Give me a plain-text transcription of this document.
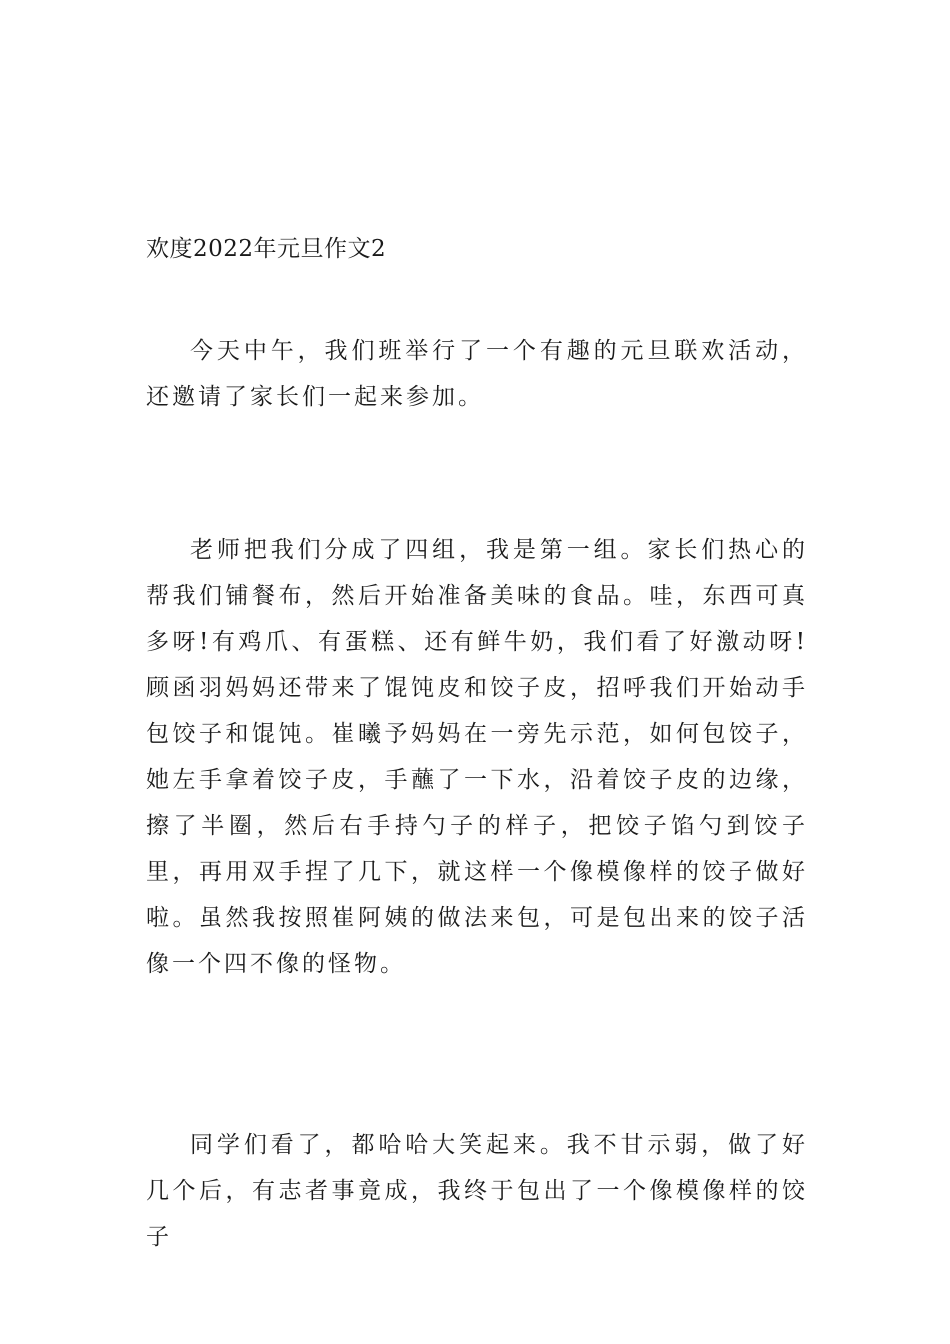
欢度2022年元旦作文2
今天中午，我们班举行了一个有趣的元旦联欢活动，还邀请了家长们一起来参加。
老师把我们分成了四组，我是第一组。家长们热心的帮我们铺餐布，然后开始准备美味的食品。哇，东西可真多呀!有鸡爪、有蛋糕、还有鲜牛奶，我们看了好激动呀!顾函羽妈妈还带来了馄饨皮和饺子皮，招呼我们开始动手包饺子和馄饨。崔曦予妈妈在一旁先示范，如何包饺子，她左手拿着饺子皮，手蘸了一下水，沿着饺子皮的边缘，擦了半圈，然后右手持勺子的样子，把饺子馅勺到饺子里，再用双手捏了几下，就这样一个像模像样的饺子做好啦。虽然我按照崔阿姨的做法来包，可是包出来的饺子活像一个四不像的怪物。
同学们看了，都哈哈大笑起来。我不甘示弱，做了好几个后，有志者事竟成，我终于包出了一个像模像样的饺子
